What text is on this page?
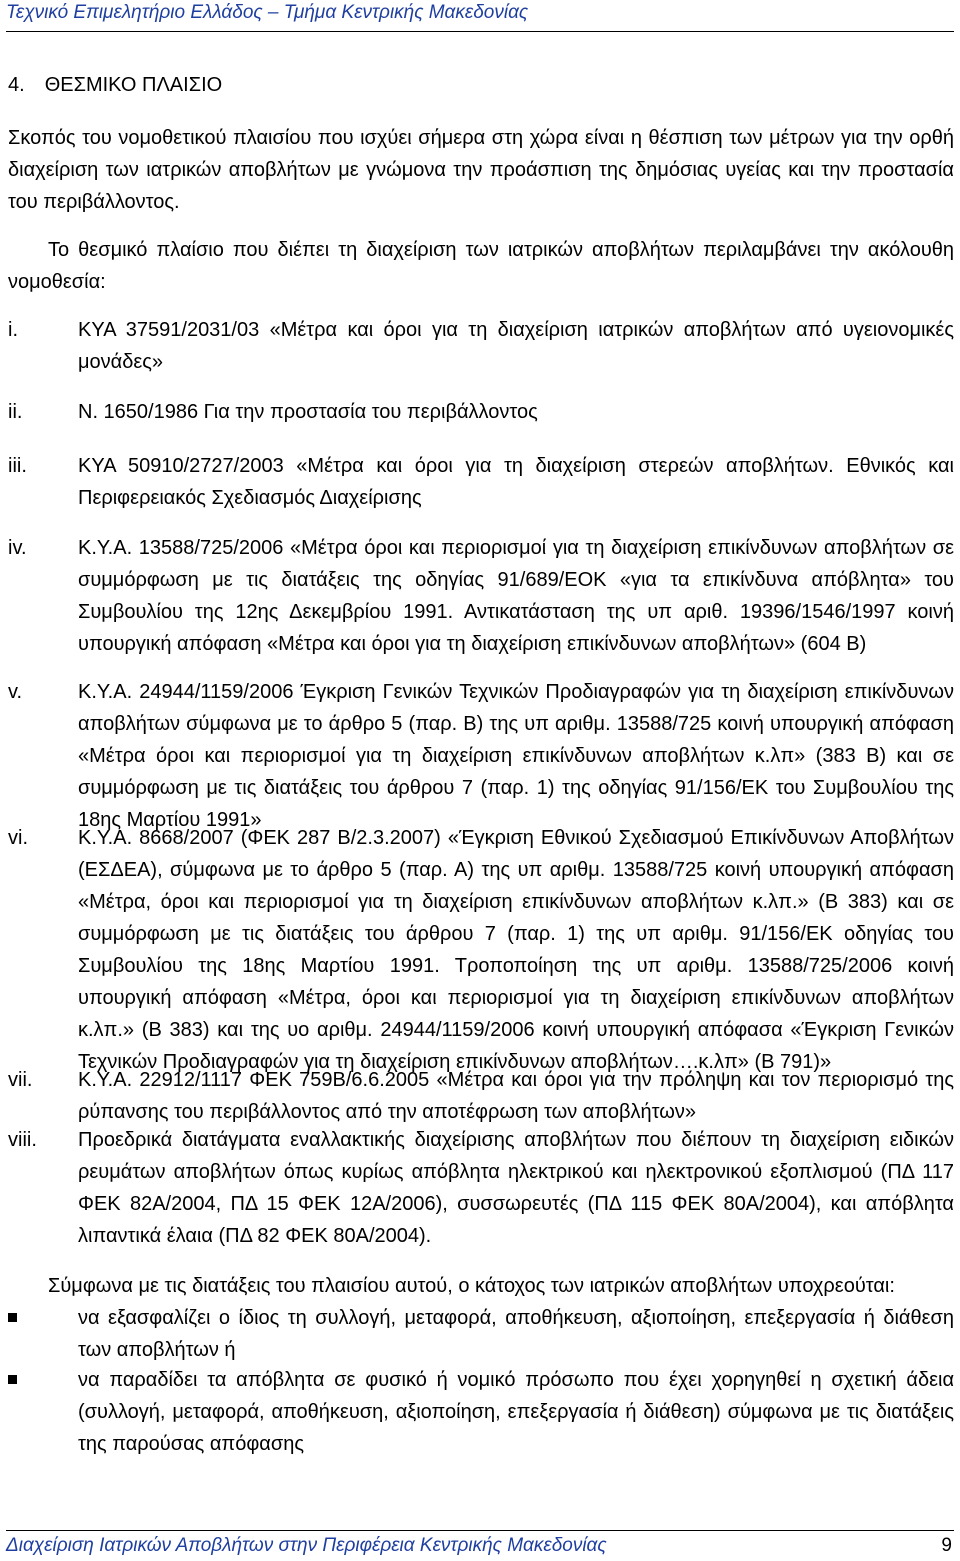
Τεχνικό Επιμελητήριο Ελλάδος – Τμήμα Κεντρικής Μακεδονίας
4. ΘΕΣΜΙΚΟ ΠΛΑΙΣΙΟ
Σκοπός του νομοθετικού πλαισίου που ισχύει σήμερα στη χώρα είναι η θέσπιση των μέτρων για την ορθή διαχείριση των ιατρικών αποβλήτων με γνώμονα την προάσπιση της δημόσιας υγείας και την προστασία του περιβάλλοντος.
Το θεσμικό πλαίσιο που διέπει τη διαχείριση των ιατρικών αποβλήτων περιλαμβάνει την ακόλουθη νομοθεσία:
i.	ΚΥΑ 37591/2031/03 «Μέτρα και όροι για τη διαχείριση ιατρικών αποβλήτων από υγειονομικές μονάδες»
ii.	Ν. 1650/1986 Για την προστασία του περιβάλλοντος
iii.	ΚΥΑ 50910/2727/2003 «Μέτρα και όροι για τη διαχείριση στερεών αποβλήτων. Εθνικός και Περιφερειακός Σχεδιασμός Διαχείρισης
iv.	Κ.Υ.Α. 13588/725/2006 «Μέτρα όροι και περιορισμοί για τη διαχείριση επικίνδυνων αποβλήτων σε συμμόρφωση με τις διατάξεις της οδηγίας 91/689/ΕΟΚ «για τα επικίνδυνα απόβλητα» του Συμβουλίου της 12ης Δεκεμβρίου 1991. Αντικατάσταση της υπ αριθ. 19396/1546/1997 κοινή υπουργική απόφαση «Μέτρα και όροι για τη διαχείριση επικίνδυνων αποβλήτων» (604 Β)
v.	Κ.Υ.Α. 24944/1159/2006 Έγκριση Γενικών Τεχνικών Προδιαγραφών για τη διαχείριση επικίνδυνων αποβλήτων σύμφωνα με το άρθρο 5 (παρ. Β) της υπ αριθμ. 13588/725 κοινή υπουργική απόφαση «Μέτρα όροι και περιορισμοί για τη διαχείριση επικίνδυνων αποβλήτων κ.λπ» (383 Β) και σε συμμόρφωση με τις διατάξεις του άρθρου 7 (παρ. 1) της οδηγίας 91/156/ΕΚ του Συμβουλίου της 18ης Μαρτίου 1991»
vi.	Κ.Υ.Α. 8668/2007 (ΦΕΚ 287 Β/2.3.2007) «Έγκριση Εθνικού Σχεδιασμού Επικίνδυνων Αποβλήτων (ΕΣΔΕΑ), σύμφωνα με το άρθρο 5 (παρ. Α) της υπ αριθμ. 13588/725 κοινή υπουργική απόφαση «Μέτρα, όροι και περιορισμοί για τη διαχείριση επικίνδυνων αποβλήτων κ.λπ.» (Β 383) και σε συμμόρφωση με τις διατάξεις του άρθρου 7 (παρ. 1) της υπ αριθμ. 91/156/ΕΚ οδηγίας του Συμβουλίου της 18ης Μαρτίου 1991. Τροποποίηση της υπ αριθμ. 13588/725/2006 κοινή υπουργική απόφαση «Μέτρα, όροι και περιορισμοί για τη διαχείριση επικίνδυνων αποβλήτων κ.λπ.» (Β 383) και της υο αριθμ. 24944/1159/2006 κοινή υπουργική απόφασα «Έγκριση Γενικών Τεχνικών Προδιαγραφών για τη διαχείριση επικίνδυνων αποβλήτων….κ.λπ» (Β 791)»
vii.	Κ.Υ.Α. 22912/1117 ΦΕΚ 759Β/6.6.2005 «Μέτρα και όροι για την πρόληψη και τον περιορισμό της ρύπανσης του περιβάλλοντος από την αποτέφρωση των αποβλήτων»
viii.	Προεδρικά διατάγματα εναλλακτικής διαχείρισης αποβλήτων που διέπουν τη διαχείριση ειδικών ρευμάτων αποβλήτων όπως κυρίως απόβλητα ηλεκτρικού και ηλεκτρονικού εξοπλισμού (ΠΔ 117 ΦΕΚ 82Α/2004, ΠΔ 15 ΦΕΚ 12Α/2006), συσσωρευτές (ΠΔ 115 ΦΕΚ 80Α/2004), και απόβλητα λιπαντικά έλαια (ΠΔ 82 ΦΕΚ 80Α/2004).
Σύμφωνα με τις διατάξεις του πλαισίου αυτού, ο κάτοχος των ιατρικών αποβλήτων υποχρεούται:
να εξασφαλίζει ο ίδιος τη συλλογή, μεταφορά, αποθήκευση, αξιοποίηση, επεξεργασία ή διάθεση των αποβλήτων ή
να παραδίδει τα απόβλητα σε φυσικό ή νομικό πρόσωπο που έχει χορηγηθεί η σχετική άδεια (συλλογή, μεταφορά, αποθήκευση, αξιοποίηση, επεξεργασία ή διάθεση) σύμφωνα με τις διατάξεις της παρούσας απόφασης
Διαχείριση Ιατρικών Αποβλήτων στην Περιφέρεια Κεντρικής Μακεδονίας	9
